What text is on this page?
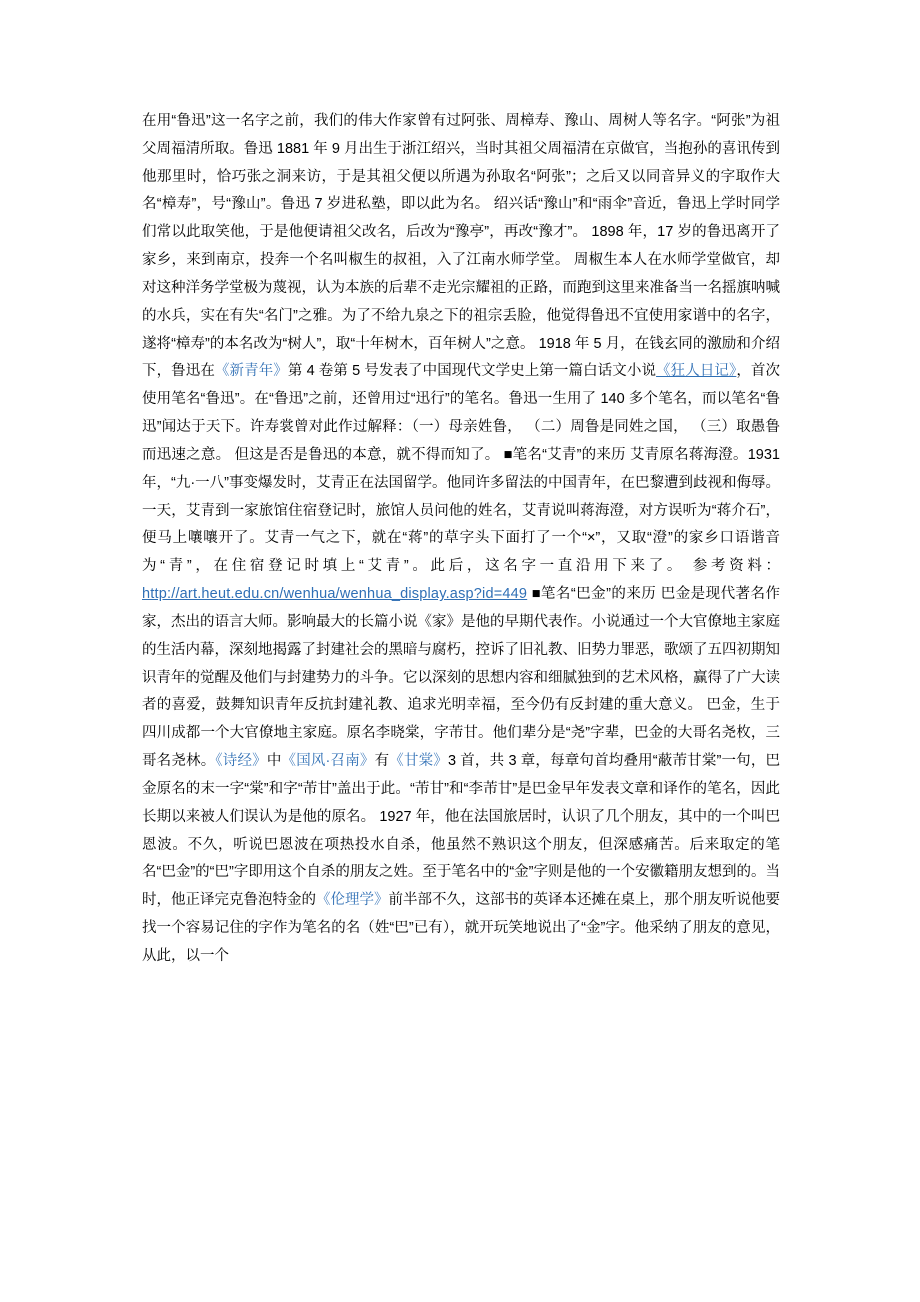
在用“鲁迅”这一名字之前，我们的伟大作家曾有过阿张、周樟寿、豫山、周树人等名字。“阿张”为祖父周福清所取。鲁迅 1881 年 9 月出生于浙江绍兴，当时其祖父周福清在京做官，当抱孙的喜讯传到他那里时，恰巧张之洞来访，于是其祖父便以所遇为孙取名“阿张”；之后又以同音异义的字取作大名“樟寿”，号“豫山”。鲁迅 7 岁进私塾，即以此为名。 绍兴话“豫山”和“雨伞”音近，鲁迅上学时同学们常以此取笑他，于是他便请祖父改名，后改为“豫亭”，再改“豫才”。 1898 年，17 岁的鲁迅离开了家乡，来到南京，投奔一个名叫椒生的叔祖，入了江南水师学堂。 周椒生本人在水师学堂做官，却对这种洋务学堂极为蔑视，认为本族的后辈不走光宗耀祖的正路，而跑到这里来准备当一名摇旗呐喊的水兵，实在有失“名门”之雅。为了不给九泉之下的祖宗丢脸，他觉得鲁迅不宜使用家谱中的名字，遂将“樟寿”的本名改为“树人”，取“十年树木，百年树人”之意。 1918 年 5 月，在钱玄同的激励和介绍下，鲁迅在《新青年》第 4 卷第 5 号发表了中国现代文学史上第一篇白话文小说《狂人日记》，首次使用笔名“鲁迅”。在“鲁迅”之前，还曾用过“迅行”的笔名。鲁迅一生用了 140 多个笔名，而以笔名“鲁迅”闻达于天下。许寿裳曾对此作过解释：（一）母亲姓鲁， （二）周鲁是同姓之国， （三）取愚鲁而迅速之意。 但这是否是鲁迅的本意，就不得而知了。 ■笔名“艾青”的来历 艾青原名蒋海澄。1931 年，“九·一八”事变爆发时，艾青正在法国留学。他同许多留法的中国青年，在巴黎遭到歧视和侮辱。一天，艾青到一家旅馆住宿登记时，旅馆人员问他的姓名，艾青说叫蒋海澄，对方误听为“蒋介石”，便马上嚷嚷开了。艾青一气之下，就在“蒋”的草字头下面打了一个“×”，又取“澄”的家乡口语谐音为“青”，在住宿登记时填上“艾青”。此后，这名字一直沿用下来了。 参考资料： http://art.heut.edu.cn/wenhua/wenhua_display.asp?id=449 ■笔名“巴金”的来历 巴金是现代著名作家，杰出的语言大师。影响最大的长篇小说《家》是他的早期代表作。小说通过一个大官僚地主家庭的生活内幕，深刻地揭露了封建社会的黑暗与腐朽，控诉了旧礼教、旧势力罪恶，歌颂了五四初期知识青年的觉醒及他们与封建势力的斗争。它以深刻的思想内容和细腻独到的艺术风格，赢得了广大读者的喜爱，鼓舞知识青年反抗封建礼教、追求光明幸福，至今仍有反封建的重大意义。 巴金，生于四川成都一个大官僚地主家庭。原名李晓棠，字芾甘。他们辈分是“尧”字辈，巴金的大哥名尧枚，三哥名尧林。《诗经》中《国风·召南》有《甘棠》3 首，共 3 章，每章句首均叠用“蔽芾甘棠”一句，巴金原名的末一字“棠”和字“芾甘”盖出于此。“芾甘”和“李芾甘”是巴金早年发表文章和译作的笔名，因此长期以来被人们误认为是他的原名。 1927 年，他在法国旅居时，认识了几个朋友，其中的一个叫巴恩波。不久，听说巴恩波在项热投水自杀，他虽然不熟识这个朋友，但深感痛苦。后来取定的笔名“巴金”的“巴”字即用这个自杀的朋友之姓。至于笔名中的“金”字则是他的一个安徽籍朋友想到的。当时，他正译完克鲁泡特金的《伦理学》前半部不久，这部书的英译本还摊在桌上，那个朋友听说他要找一个容易记住的字作为笔名的名（姓“巴”已有），就开玩笑地说出了“金”字。他采纳了朋友的意见，从此，以一个
